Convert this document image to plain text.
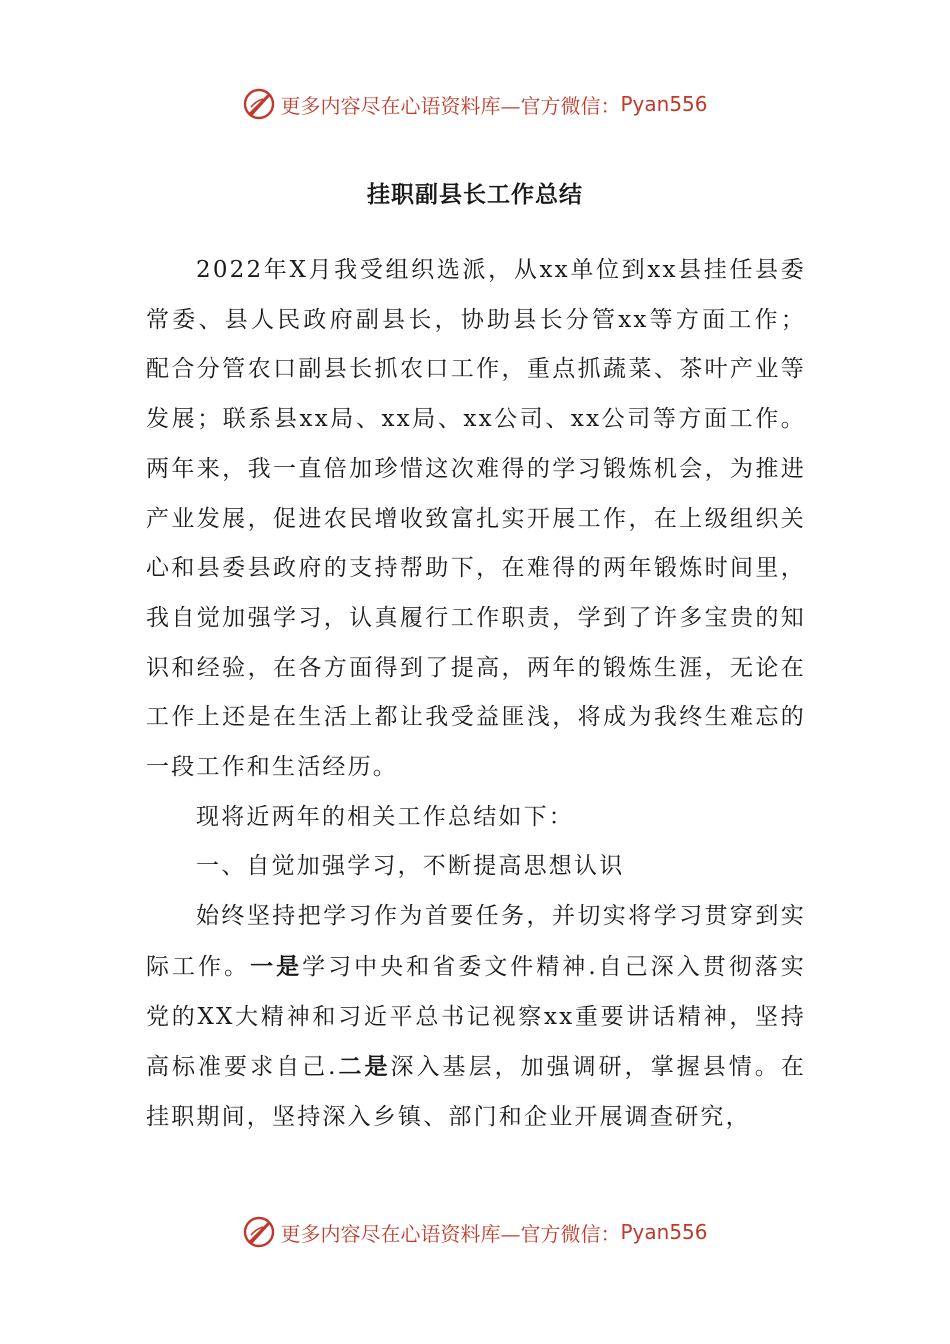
更多内容尽在心语资料库—官方微信： Pyan556
挂职副县长工作总结

2022年X月我受组织选派，从xx单位到xx县挂任县委常委、县人民政府副县长，协助县长分管xx等方面工作；配合分管农口副县长抓农口工作，重点抓蔬菜、茶叶产业等发展；联系县xx局、xx局、xx公司、xx公司等方面工作。两年来，我一直倍加珍惜这次难得的学习锻炼机会，为推进产业发展，促进农民增收致富扎实开展工作，在上级组织关心和县委县政府的支持帮助下，在难得的两年锻炼时间里，我自觉加强学习，认真履行工作职责，学到了许多宝贵的知识和经验，在各方面得到了提高，两年的锻炼生涯，无论在工作上还是在生活上都让我受益匪浅，将成为我终生难忘的一段工作和生活经历。

现将近两年的相关工作总结如下：

一、自觉加强学习，不断提高思想认识

始终坚持把学习作为首要任务，并切实将学习贯穿到实际工作。一是学习中央和省委文件精神.自己深入贯彻落实党的XX大精神和习近平总书记视察xx重要讲话精神，坚持高标准要求自己.二是深入基层，加强调研，掌握县情。在挂职期间，坚持深入乡镇、部门和企业开展调查研究，

更多内容尽在心语资料库—官方微信： Pyan556
